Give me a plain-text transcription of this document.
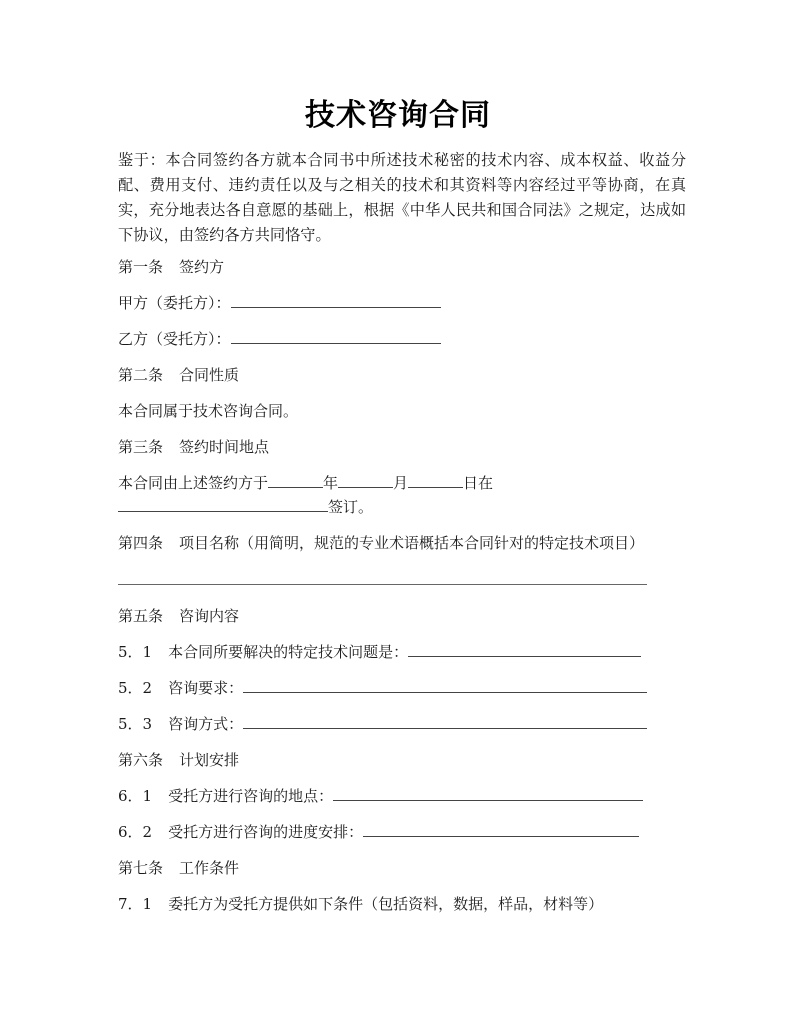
技术咨询合同
鉴于：本合同签约各方就本合同书中所述技术秘密的技术内容、成本权益、收益分配、费用支付、违约责任以及与之相关的技术和其资料等内容经过平等协商，在真实，充分地表达各自意愿的基础上，根据《中华人民共和国合同法》之规定，达成如下协议，由签约各方共同恪守。
第一条 签约方
甲方（委托方）：
乙方（受托方）：
第二条 合同性质
本合同属于技术咨询合同。
第三条 签约时间地点
本合同由上述签约方于	年	月	日在
签订。
第四条 项目名称（用简明，规范的专业术语概括本合同针对的特定技术项目）
第五条 咨询内容
5．1 本合同所要解决的特定技术问题是：
5．2 咨询要求：
5．3 咨询方式：
第六条 计划安排
6．1 受托方进行咨询的地点：
6．2 受托方进行咨询的进度安排：
第七条 工作条件
7．1 委托方为受托方提供如下条件（包括资料，数据，样品，材料等）
